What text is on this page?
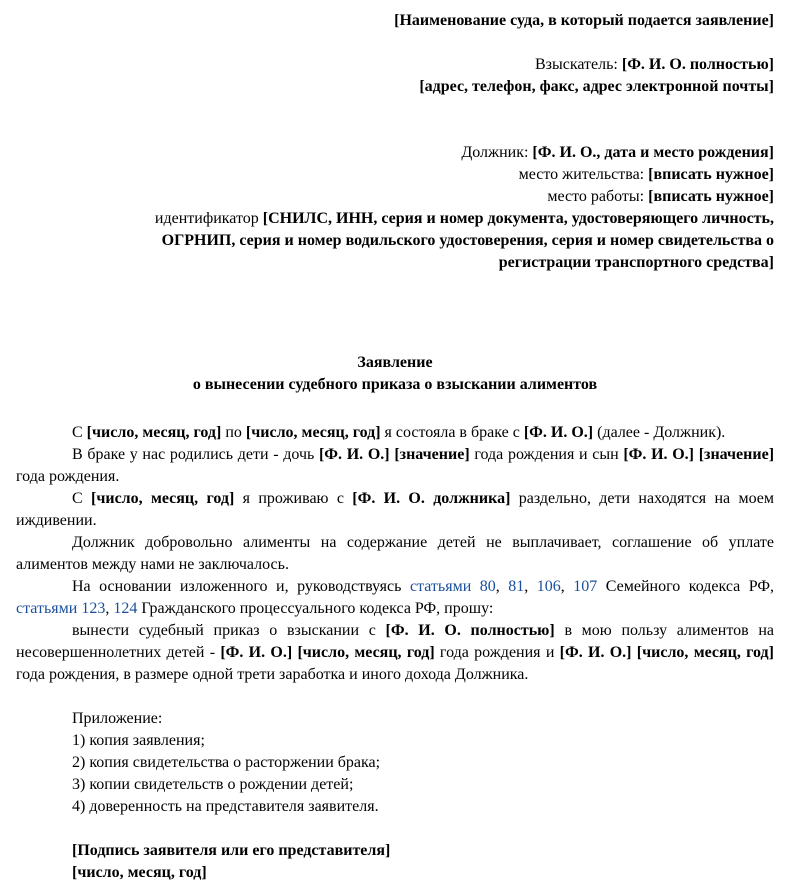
[Наименование суда, в который подается заявление]
Взыскатель: [Ф. И. О. полностью]
[адрес, телефон, факс, адрес электронной почты]
Должник: [Ф. И. О., дата и место рождения]
место жительства: [вписать нужное]
место работы: [вписать нужное]
идентификатор [СНИЛС, ИНН, серия и номер документа, удостоверяющего личность, ОГРНИП, серия и номер водильского удостоверения, серия и номер свидетельства о регистрации транспортного средства]
Заявление
о вынесении судебного приказа о взыскании алиментов

С [число, месяц, год] по [число, месяц, год] я состояла в браке с [Ф. И. О.] (далее - Должник).

В браке у нас родились дети - дочь [Ф. И. О.] [значение] года рождения и сын [Ф. И. О.] [значение] года рождения.

С [число, месяц, год] я проживаю с [Ф. И. О. должника] раздельно, дети находятся на моем иждивении.

Должник добровольно алименты на содержание детей не выплачивает, соглашение об уплате алиментов между нами не заключалось.

На основании изложенного и, руководствуясь статьями 80, 81, 106, 107 Семейного кодекса РФ, статьями 123, 124 Гражданского процессуального кодекса РФ, прошу:

вынести судебный приказ о взыскании с [Ф. И. О. полностью] в мою пользу алиментов на несовершеннолетних детей - [Ф. И. О.] [число, месяц, год] года рождения и [Ф. И. О.] [число, месяц, год] года рождения, в размере одной трети заработка и иного дохода Должника.

Приложение:
1) копия заявления;
2) копия свидетельства о расторжении брака;
3) копии свидетельств о рождении детей;
4) доверенность на представителя заявителя.
[Подпись заявителя или его представителя]
[число, месяц, год]
